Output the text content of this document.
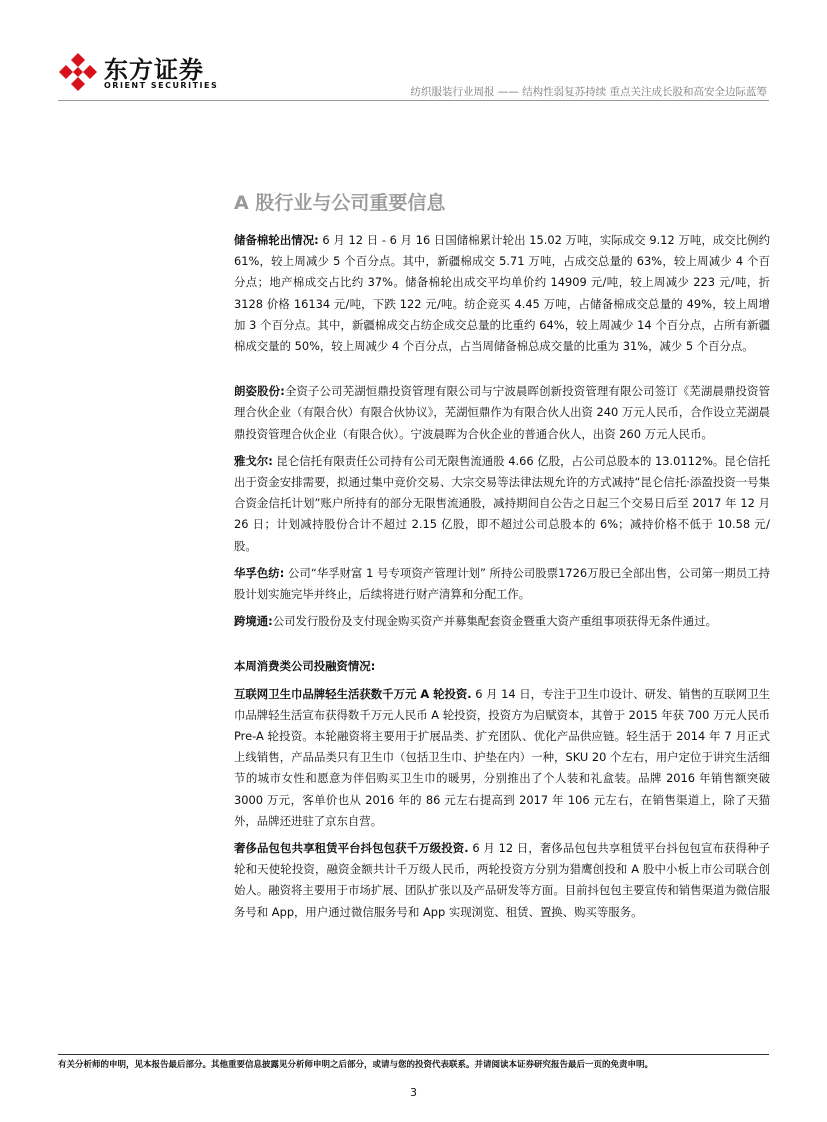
东方证券
ORIENT SECURITIES
纺织服装行业周报 —— 结构性弱复苏持续 重点关注成长股和高安全边际蓝筹
A 股行业与公司重要信息

储备棉轮出情况: 6 月 12 日 - 6 月 16 日国储棉累计轮出 15.02 万吨，实际成交 9.12 万吨，成交比例约 61%，较上周减少 5 个百分点。其中，新疆棉成交 5.71 万吨，占成交总量的 63%，较上周减少 4 个百分点；地产棉成交占比约 37%。储备棉轮出成交平均单价约 14909 元/吨，较上周减少 223 元/吨，折 3128 价格 16134 元/吨，下跌 122 元/吨。纺企竞买 4.45 万吨，占储备棉成交总量的 49%，较上周增加 3 个百分点。其中，新疆棉成交占纺企成交总量的比重约 64%，较上周减少 14 个百分点，占所有新疆棉成交量的 50%，较上周减少 4 个百分点，占当周储备棉总成交量的比重为 31%，减少 5 个百分点。

朗姿股份:全资子公司芜湖恒鼎投资管理有限公司与宁波晨晖创新投资管理有限公司签订《芜湖晨鼎投资管理合伙企业（有限合伙）有限合伙协议》，芜湖恒鼎作为有限合伙人出资 240 万元人民币，合作设立芜湖晨鼎投资管理合伙企业（有限合伙）。宁波晨晖为合伙企业的普通合伙人，出资 260 万元人民币。

雅戈尔: 昆仑信托有限责任公司持有公司无限售流通股 4.66 亿股，占公司总股本的 13.0112%。昆仑信托出于资金安排需要，拟通过集中竞价交易、大宗交易等法律法规允许的方式减持“昆仑信托·添盈投资一号集合资金信托计划”账户所持有的部分无限售流通股，减持期间自公告之日起三个交易日后至 2017 年 12 月 26 日；计划减持股份合计不超过 2.15 亿股，即不超过公司总股本的 6%；减持价格不低于 10.58 元/股。

华孚色纺: 公司“华孚财富 1 号专项资产管理计划” 所持公司股票1726万股已全部出售，公司第一期员工持股计划实施完毕并终止，后续将进行财产清算和分配工作。

跨境通:公司发行股份及支付现金购买资产并募集配套资金暨重大资产重组事项获得无条件通过。

本周消费类公司投融资情况:

互联网卫生巾品牌轻生活获数千万元 A 轮投资. 6 月 14 日，专注于卫生巾设计、研发、销售的互联网卫生巾品牌轻生活宣布获得数千万元人民币 A 轮投资，投资方为启赋资本，其曾于 2015 年获 700 万元人民币 Pre-A 轮投资。本轮融资将主要用于扩展品类、扩充团队、优化产品供应链。轻生活于 2014 年 7 月正式上线销售，产品品类只有卫生巾（包括卫生巾、护垫在内）一种，SKU 20 个左右，用户定位于讲究生活细节的城市女性和愿意为伴侣购买卫生巾的暖男，分别推出了个人装和礼盒装。品牌 2016 年销售额突破 3000 万元，客单价也从 2016 年的 86 元左右提高到 2017 年 106 元左右，在销售渠道上，除了天猫外，品牌还进驻了京东自营。

奢侈品包包共享租赁平台抖包包获千万级投资. 6 月 12 日，奢侈品包包共享租赁平台抖包包宣布获得种子轮和天使轮投资，融资金额共计千万级人民币，两轮投资方分别为猎鹰创投和 A 股中小板上市公司联合创始人。融资将主要用于市场扩展、团队扩张以及产品研发等方面。目前抖包包主要宣传和销售渠道为微信服务号和 App，用户通过微信服务号和 App 实现浏览、租赁、置换、购买等服务。

有关分析师的申明，见本报告最后部分。其他重要信息披露见分析师申明之后部分，或请与您的投资代表联系。并请阅读本证券研究报告最后一页的免责申明。
3
